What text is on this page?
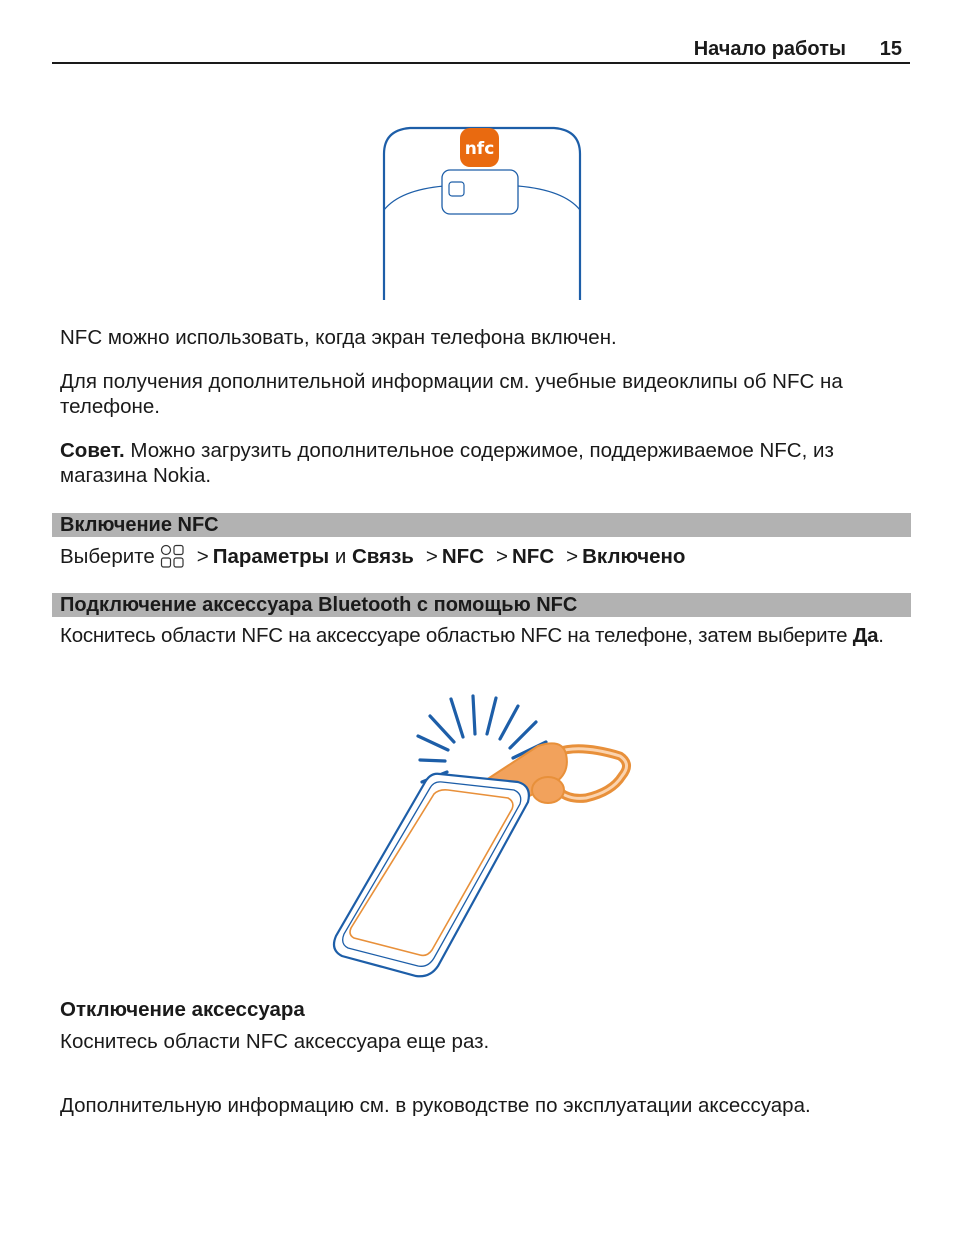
Начало работы 15
nfc
NFC можно использовать, когда экран телефона включен.
Для получения дополнительной информации см. учебные видеоклипы об NFC на телефоне.
Совет. Можно загрузить дополнительное содержимое, поддерживаемое NFC, из магазина Nokia.
Включение NFC
Выберите > Параметры и Связь > NFC > NFC > Включено
Подключение аксессуара Bluetooth с помощью NFC
Коснитесь области NFC на аксессуаре областью NFC на телефоне, затем выберите Да.
Отключение аксессуара
Коснитесь области NFC аксессуара еще раз.
Дополнительную информацию см. в руководстве по эксплуатации аксессуара.
